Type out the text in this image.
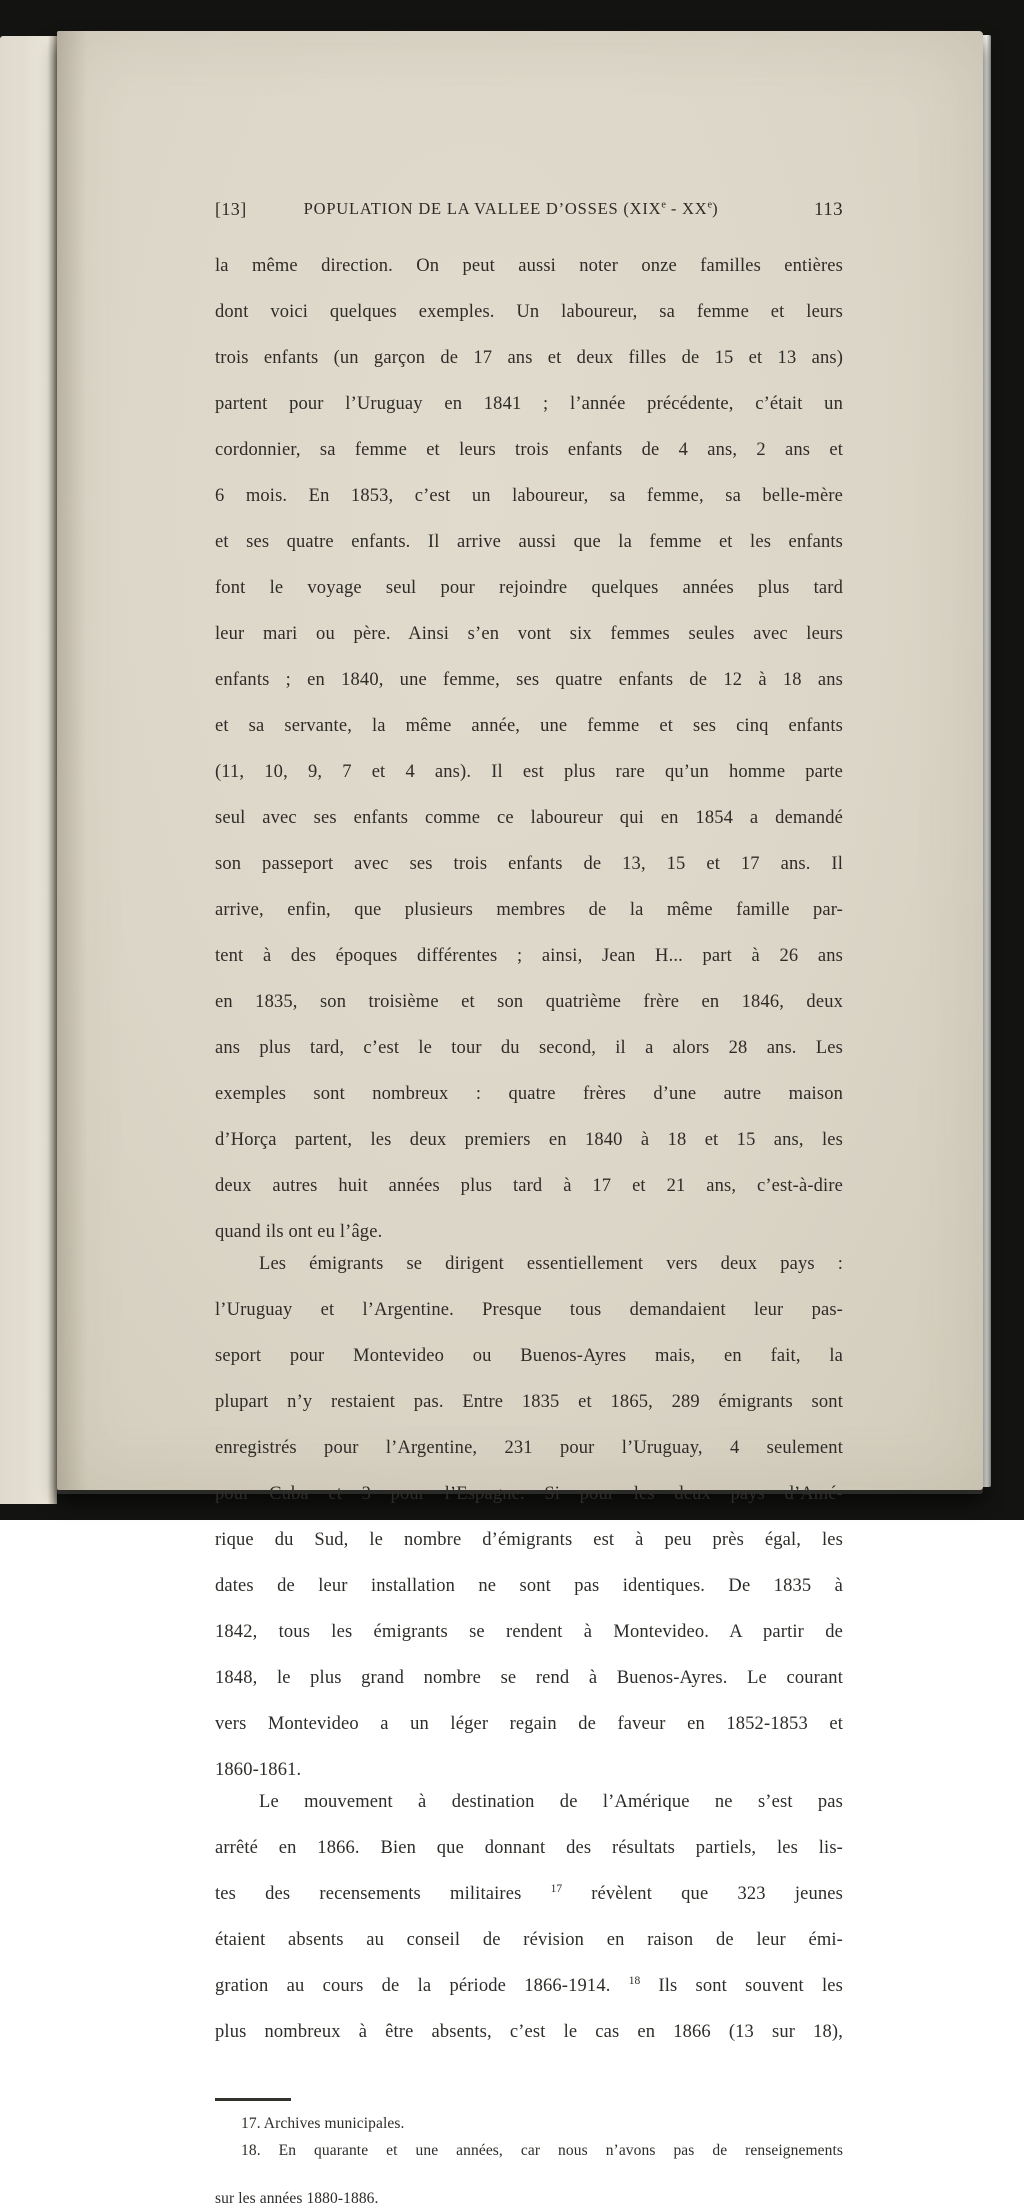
[13]	POPULATION DE LA VALLEE D’OSSES (XIXe - XXe)	113
la même direction. On peut aussi noter onze familles entières
dont voici quelques exemples. Un laboureur, sa femme et leurs
trois enfants (un garçon de 17 ans et deux filles de 15 et 13 ans)
partent pour l’Uruguay en 1841 ; l’année précédente, c’était un
cordonnier, sa femme et leurs trois enfants de 4 ans, 2 ans et
6 mois. En 1853, c’est un laboureur, sa femme, sa belle-mère
et ses quatre enfants. Il arrive aussi que la femme et les enfants
font le voyage seul pour rejoindre quelques années plus tard
leur mari ou père. Ainsi s’en vont six femmes seules avec leurs
enfants ; en 1840, une femme, ses quatre enfants de 12 à 18 ans
et sa servante, la même année, une femme et ses cinq enfants
(11, 10, 9, 7 et 4 ans). Il est plus rare qu’un homme parte
seul avec ses enfants comme ce laboureur qui en 1854 a demandé
son passeport avec ses trois enfants de 13, 15 et 17 ans. Il
arrive, enfin, que plusieurs membres de la même famille par-
tent à des époques différentes ; ainsi, Jean H... part à 26 ans
en 1835, son troisième et son quatrième frère en 1846, deux
ans plus tard, c’est le tour du second, il a alors 28 ans. Les
exemples sont nombreux : quatre frères d’une autre maison
d’Horça partent, les deux premiers en 1840 à 18 et 15 ans, les
deux autres huit années plus tard à 17 et 21 ans, c’est-à-dire
quand ils ont eu l’âge.
Les émigrants se dirigent essentiellement vers deux pays :
l’Uruguay et l’Argentine. Presque tous demandaient leur pas-
seport pour Montevideo ou Buenos-Ayres mais, en fait, la
plupart n’y restaient pas. Entre 1835 et 1865, 289 émigrants sont
enregistrés pour l’Argentine, 231 pour l’Uruguay, 4 seulement
pour Cuba et 3 pour l’Espagne. Si pour les deux pays d’Amé-
rique du Sud, le nombre d’émigrants est à peu près égal, les
dates de leur installation ne sont pas identiques. De 1835 à
1842, tous les émigrants se rendent à Montevideo. A partir de
1848, le plus grand nombre se rend à Buenos-Ayres. Le courant
vers Montevideo a un léger regain de faveur en 1852-1853 et
1860-1861.
Le mouvement à destination de l’Amérique ne s’est pas
arrêté en 1866. Bien que donnant des résultats partiels, les lis-
tes des recensements militaires $^{17}$ révèlent que 323 jeunes
étaient absents au conseil de révision en raison de leur émi-
gration au cours de la période 1866-1914. $^{18}$ Ils sont souvent les
plus nombreux à être absents, c’est le cas en 1866 (13 sur 18),
17. Archives municipales.
18. En quarante et une années, car nous n’avons pas de renseignements
sur les années 1880-1886.
